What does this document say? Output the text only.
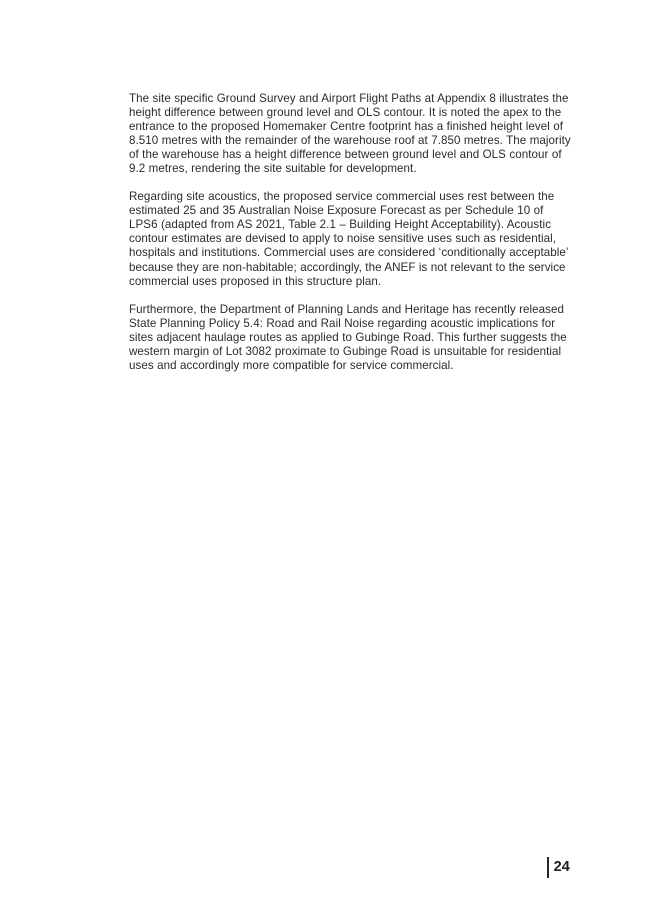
The site specific Ground Survey and Airport Flight Paths at Appendix 8 illustrates the height difference between ground level and OLS contour. It is noted the apex to the entrance to the proposed Homemaker Centre footprint has a finished height level of 8.510 metres with the remainder of the warehouse roof at 7.850 metres. The majority of the warehouse has a height difference between ground level and OLS contour of 9.2 metres, rendering the site suitable for development.

Regarding site acoustics, the proposed service commercial uses rest between the estimated 25 and 35 Australian Noise Exposure Forecast as per Schedule 10 of LPS6 (adapted from AS 2021, Table 2.1 – Building Height Acceptability). Acoustic contour estimates are devised to apply to noise sensitive uses such as residential, hospitals and institutions. Commercial uses are considered ‘conditionally acceptable’ because they are non-habitable; accordingly, the ANEF is not relevant to the service commercial uses proposed in this structure plan.

Furthermore, the Department of Planning Lands and Heritage has recently released State Planning Policy 5.4: Road and Rail Noise regarding acoustic implications for sites adjacent haulage routes as applied to Gubinge Road. This further suggests the western margin of Lot 3082 proximate to Gubinge Road is unsuitable for residential uses and accordingly more compatible for service commercial.

24
